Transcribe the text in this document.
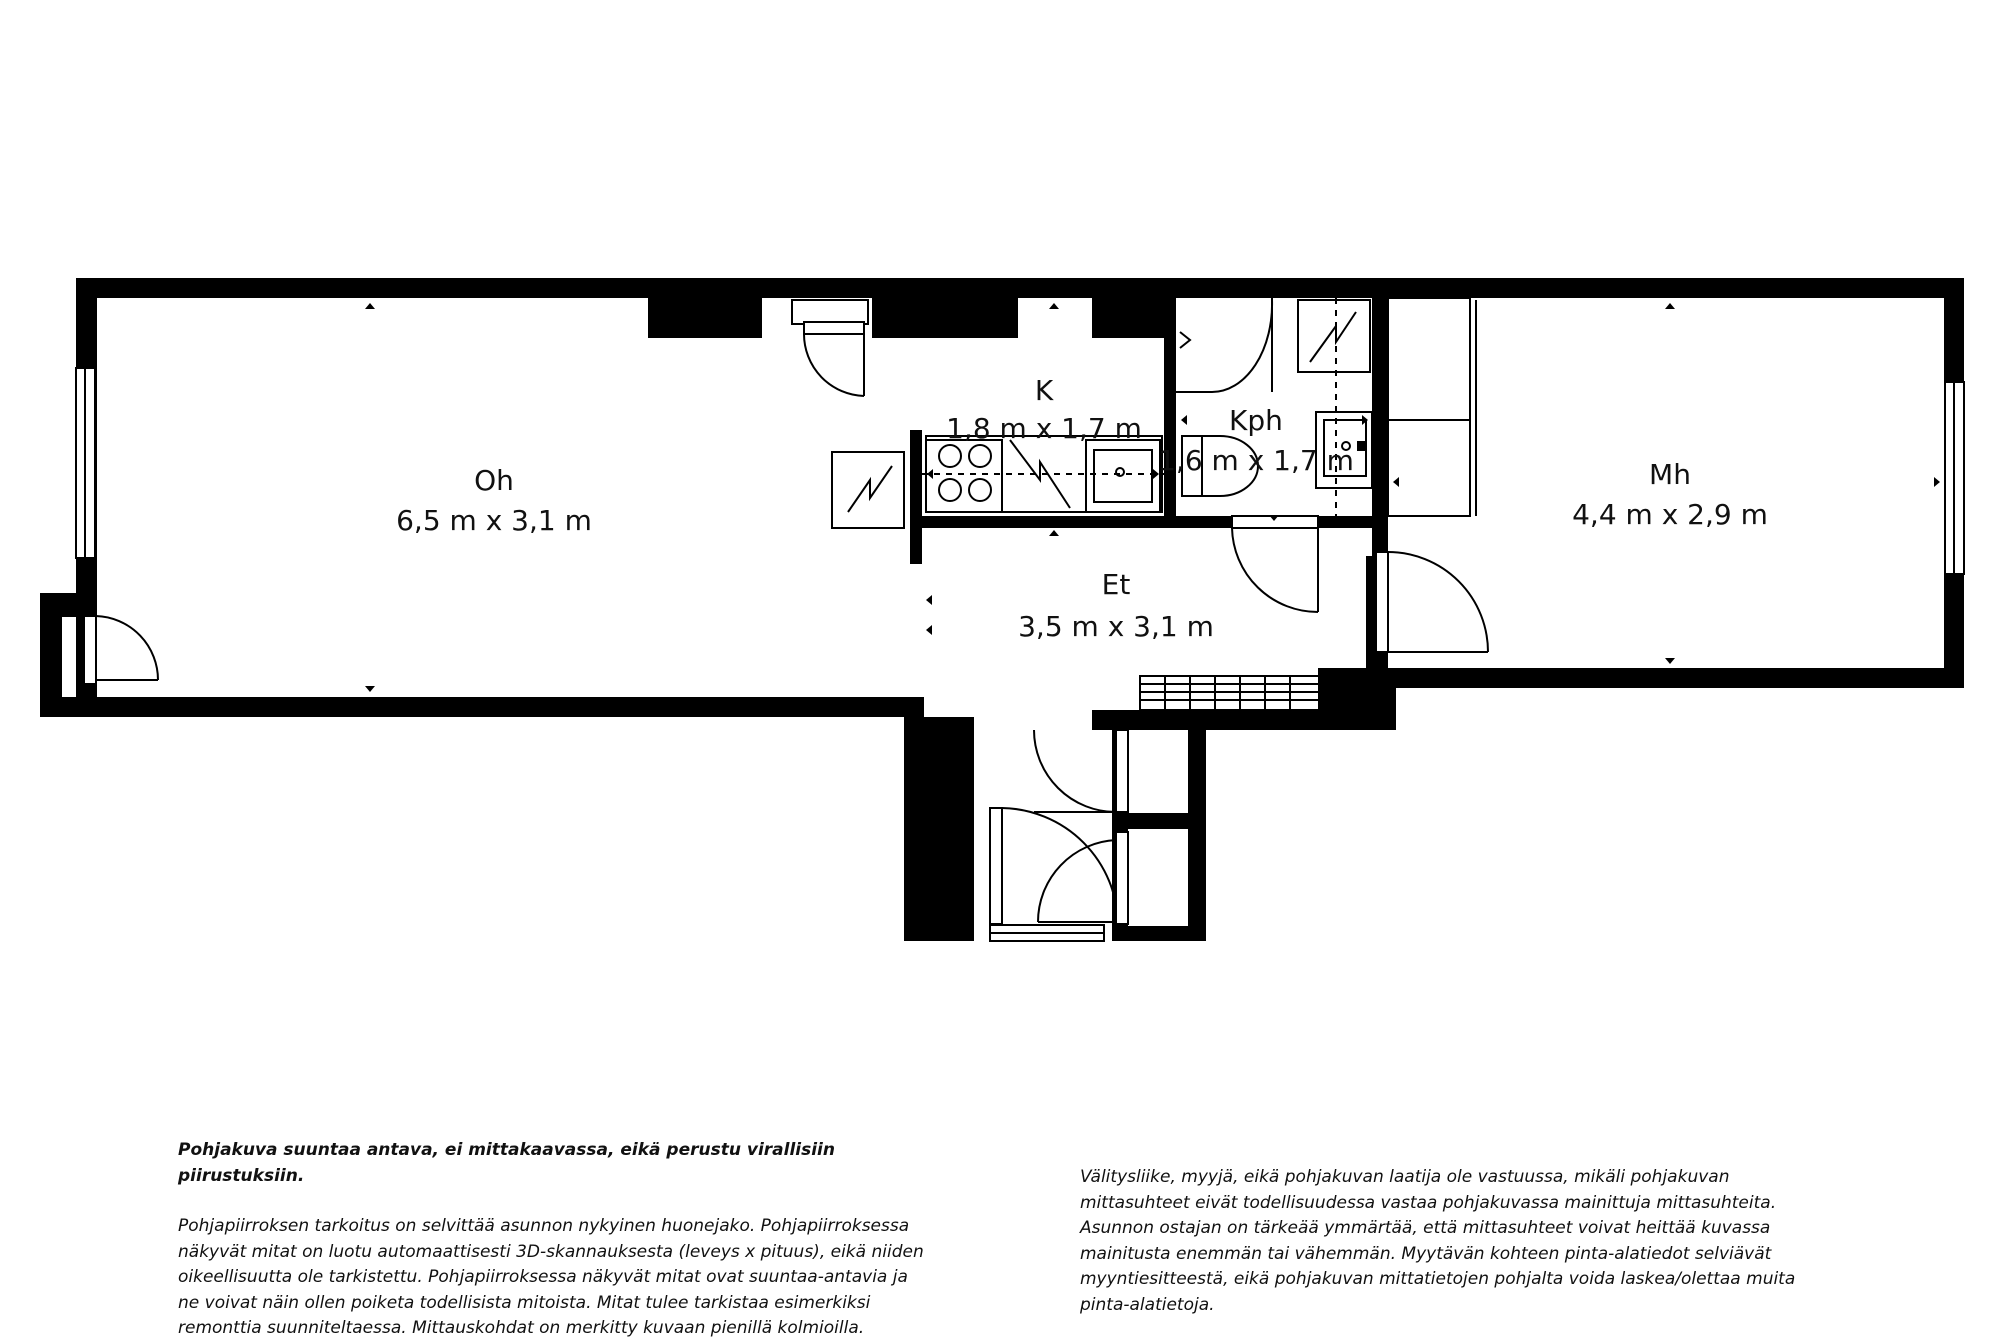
Oh
6,5 m x 3,1 m
K
1,8 m x 1,7 m	Kph
1,6 m x 1,7 m	Mh
4,4 m x 2,9 m
Et
3,5 m x 3,1 m

Pohjakuva suuntaa antava, ei mittakaavassa, eikä perustu virallisiin piirustuksiin.

Pohjapiirroksen tarkoitus on selvittää asunnon nykyinen huonejako. Pohjapiirroksessa
näkyvät mitat on luotu automaattisesti 3D-skannauksesta (leveys x pituus), eikä niiden
oikeellisuutta ole tarkistettu. Pohjapiirroksessa näkyvät mitat ovat suuntaa-antavia ja
ne voivat näin ollen poiketa todellisista mitoista. Mitat tulee tarkistaa esimerkiksi
remonttia suunniteltaessa. Mittauskohdat on merkitty kuvaan pienillä kolmioilla.

Välitysliike, myyjä, eikä pohjakuvan laatija ole vastuussa, mikäli pohjakuvan
mittasuhteet eivät todellisuudessa vastaa pohjakuvassa mainittuja mittasuhteita.
Asunnon ostajan on tärkeää ymmärtää, että mittasuhteet voivat heittää kuvassa
mainitusta enemmän tai vähemmän. Myytävän kohteen pinta-alatiedot selviävät
myyntiesitteestä, eikä pohjakuvan mittatietojen pohjalta voida laskea/olettaa muita
pinta-alatietoja.
